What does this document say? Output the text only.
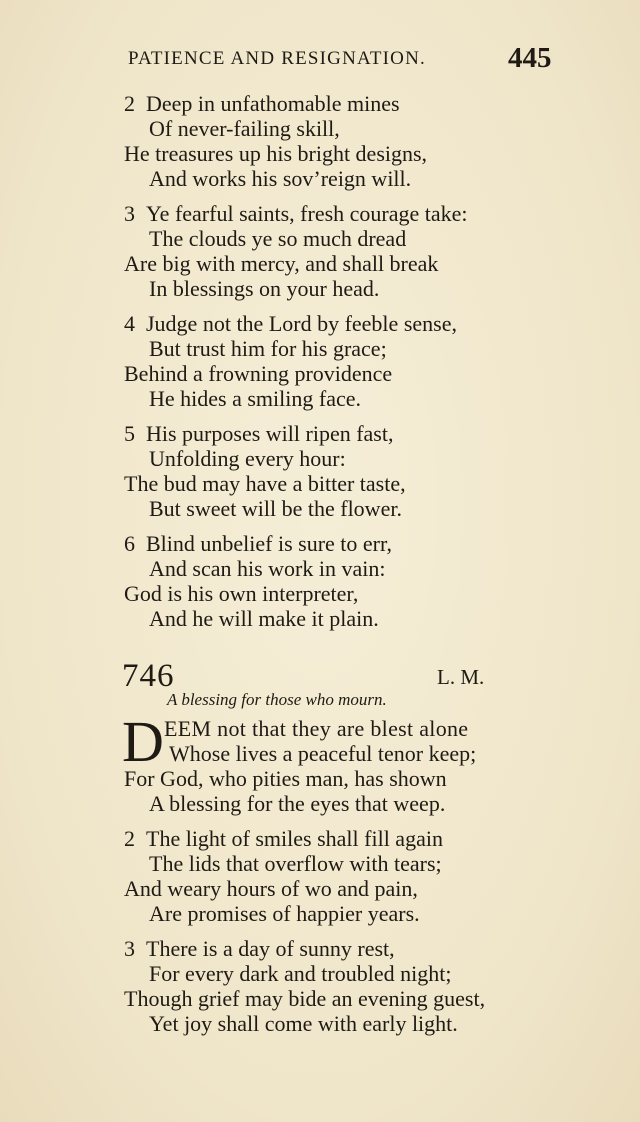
PATIENCE AND RESIGNATION.	445
2 Deep in unfathomable mines
Of never-failing skill,
He treasures up his bright designs,
And works his sov’reign will.
3 Ye fearful saints, fresh courage take:
The clouds ye so much dread
Are big with mercy, and shall break
In blessings on your head.
4 Judge not the Lord by feeble sense,
But trust him for his grace;
Behind a frowning providence
He hides a smiling face.
5 His purposes will ripen fast,
Unfolding every hour:
The bud may have a bitter taste,
But sweet will be the flower.
6 Blind unbelief is sure to err,
And scan his work in vain:
God is his own interpreter,
And he will make it plain.
746	L. M.
A blessing for those who mourn.
D EEM not that they are blest alone
Whose lives a peaceful tenor keep;
For God, who pities man, has shown
A blessing for the eyes that weep.
2 The light of smiles shall fill again
The lids that overflow with tears;
And weary hours of wo and pain,
Are promises of happier years.
3 There is a day of sunny rest,
For every dark and troubled night;
Though grief may bide an evening guest,
Yet joy shall come with early light.
